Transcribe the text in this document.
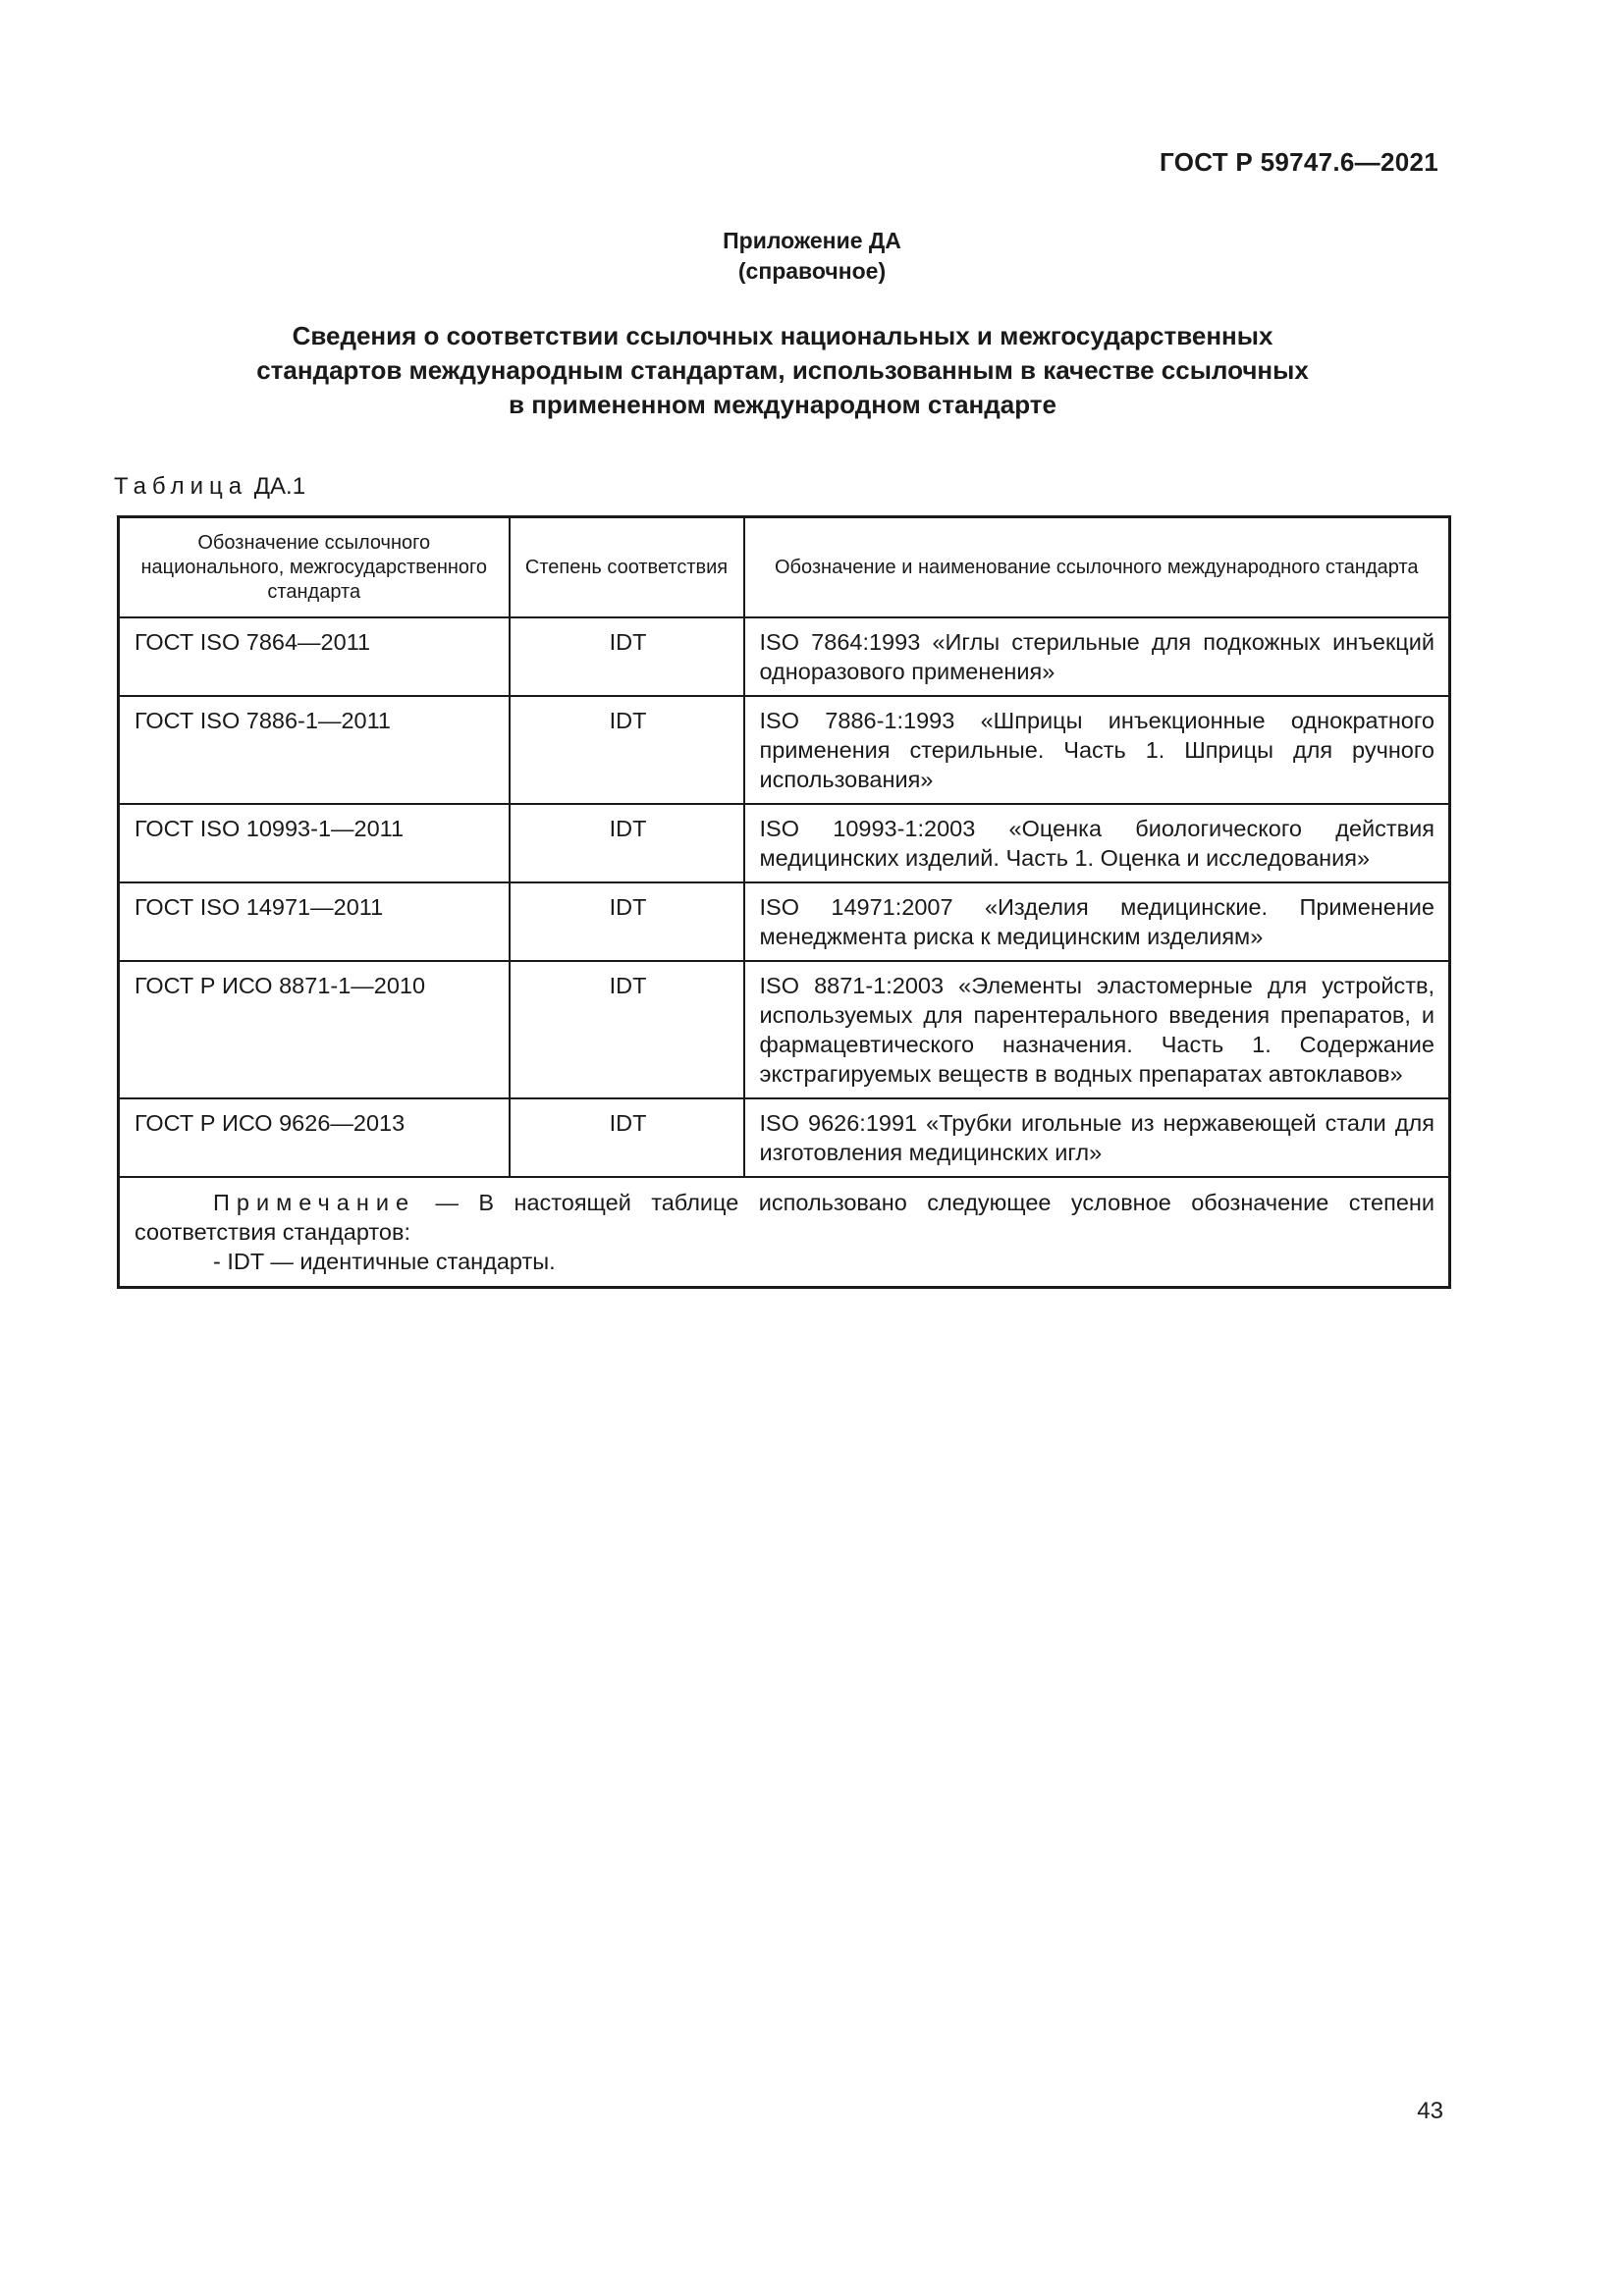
ГОСТ Р 59747.6—2021
Приложение ДА
(справочное)
Сведения о соответствии ссылочных национальных и межгосударственных
стандартов международным стандартам, использованным в качестве ссылочных
в примененном международном стандарте
Таблица ДА.1
Обозначение ссылочного национального, межгосударственного стандарта	Степень соответствия	Обозначение и наименование ссылочного международного стандарта
ГОСТ ISO 7864—2011	IDT	ISO 7864:1993 «Иглы стерильные для подкожных инъекций одноразового применения»
ГОСТ ISO 7886-1—2011	IDT	ISO 7886-1:1993 «Шприцы инъекционные однократного применения стерильные. Часть 1. Шприцы для ручного использования»
ГОСТ ISO 10993-1—2011	IDT	ISO 10993-1:2003 «Оценка биологического действия медицинских изделий. Часть 1. Оценка и исследования»
ГОСТ ISO 14971—2011	IDT	ISO 14971:2007 «Изделия медицинские. Применение менеджмента риска к медицинским изделиям»
ГОСТ Р ИСО 8871-1—2010	IDT	ISO 8871-1:2003 «Элементы эластомерные для устройств, используемых для парентерального введения препаратов, и фармацевтического назначения. Часть 1. Содержание экстрагируемых веществ в водных препаратах автоклавов»
ГОСТ Р ИСО 9626—2013	IDT	ISO 9626:1991 «Трубки игольные из нержавеющей стали для изготовления медицинских игл»

Примечание — В настоящей таблице использовано следующее условное обозначение степени соответствия стандартов:
- IDT — идентичные стандарты.		
43
